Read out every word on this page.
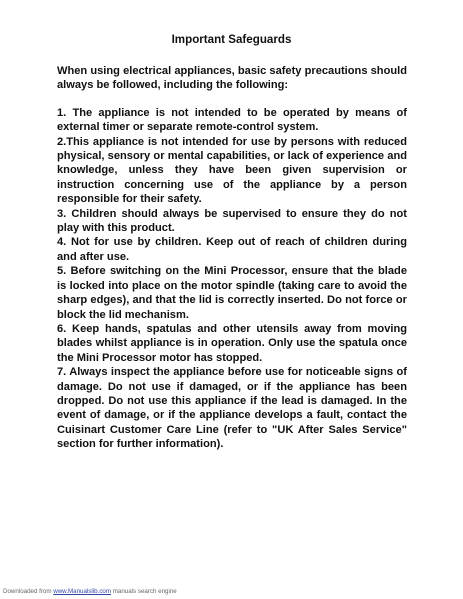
Important Safeguards

When using electrical appliances, basic safety precautions should always be followed, including the following:

1. The appliance is not intended to be operated by means of external timer or separate remote-control system.
2.This appliance is not intended for use by persons with reduced physical, sensory or mental capabilities, or lack of experience and knowledge, unless they have been given supervision or instruction concerning use of the appliance by a person responsible for their safety.
3. Children should always be supervised to ensure they do not play with this product.
4. Not for use by children. Keep out of reach of children during and after use.
5. Before switching on the Mini Processor, ensure that the blade is locked into place on the motor spindle (taking care to avoid the sharp edges), and that the lid is correctly inserted. Do not force or block the lid mechanism.
6. Keep hands, spatulas and other utensils away from moving blades whilst appliance is in operation. Only use the spatula once the Mini Processor motor has stopped.
7. Always inspect the appliance before use for noticeable signs of damage. Do not use if damaged, or if the appliance has been dropped. Do not use this appliance if the lead is damaged. In the event of damage, or if the appliance develops a fault, contact the Cuisinart Customer Care Line (refer to "UK After Sales Service" section for further information).
Downloaded from www.Manualslib.com manuals search engine
